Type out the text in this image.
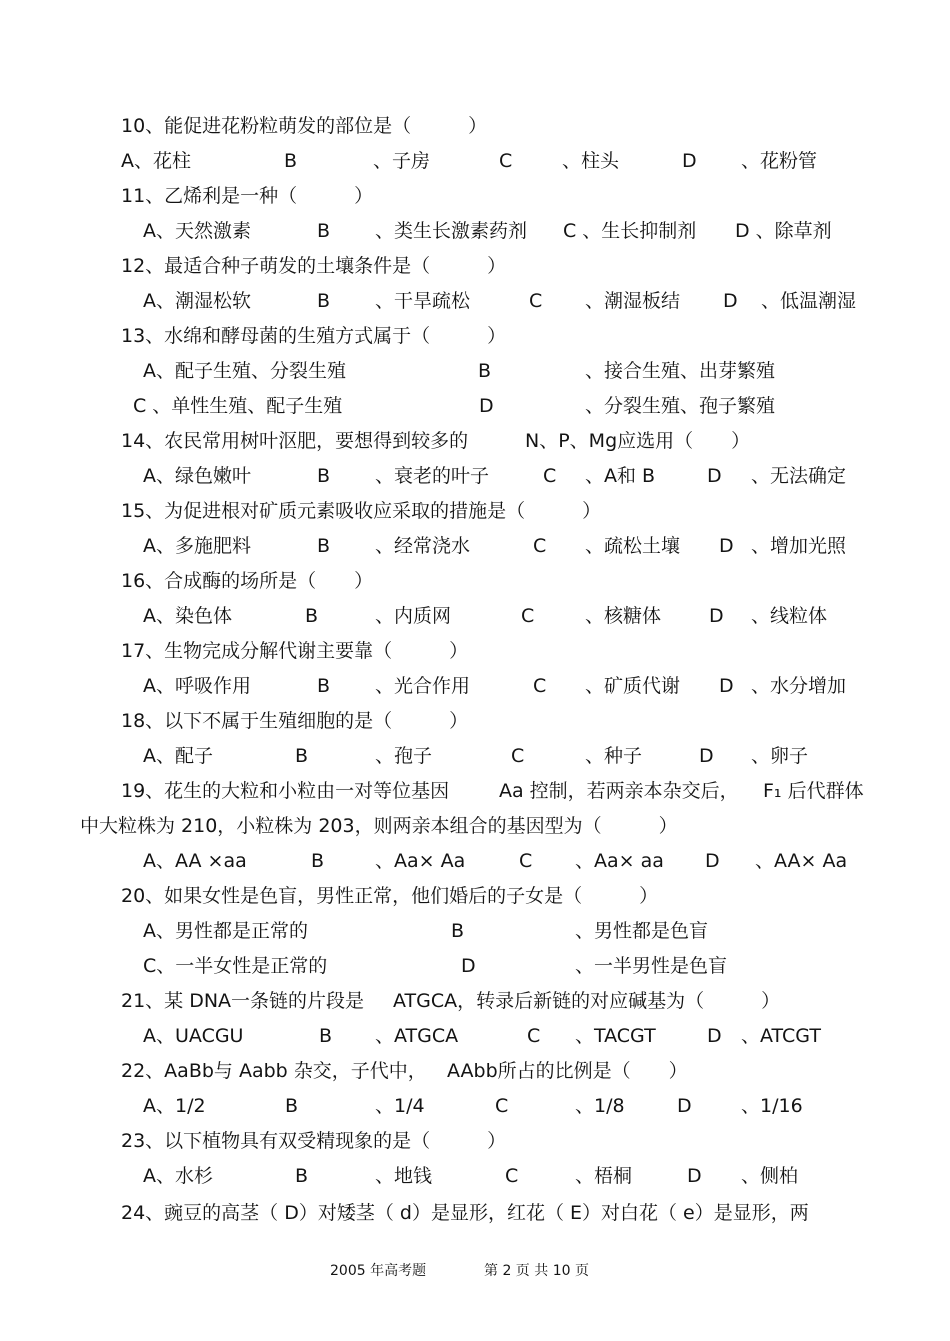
10、能促进花粉粒萌发的部位是（　　　）
A、花柱	B	、子房	C	、柱头	D 、花粉管
11、乙烯利是一种（　　　）
A、天然激素	B 、类生长激素药剂 C 、生长抑制剂 D 、除草剂
12、最适合种子萌发的土壤条件是（　　　）
A、潮湿松软	B 、干旱疏松	C 、潮湿板结 D 、低温潮湿
13、水绵和酵母菌的生殖方式属于（　　　）
A、配子生殖、分裂生殖	B	、接合生殖、出芽繁殖
C 、单性生殖、配子生殖	D	、分裂生殖、孢子繁殖
14、农民常用树叶沤肥，要想得到较多的	N、P、Mg应选用（　　）
A、绿色嫩叶	B 、衰老的叶子	C 、A和 B	D 、无法确定
15、为促进根对矿质元素吸收应采取的措施是（　　　）
A、多施肥料	B 、经常浇水	C 、疏松土壤 D 、增加光照
16、合成酶的场所是（　　）
A、染色体	B	、内质网	C	、核糖体	D 、线粒体
17、生物完成分解代谢主要靠（　　　）
A、呼吸作用	B 、光合作用	C 、矿质代谢 D 、水分增加
18、以下不属于生殖细胞的是（　　　）
A、配子	B	、孢子	C	、种子	D 、卵子
19、花生的大粒和小粒由一对等位基因	Aa 控制，若两亲本杂交后， F₁ 后代群体
中大粒株为 210，小粒株为 203，则两亲本组合的基因型为（　　　）
A、AA ×aa	B	、Aa× Aa	C 、Aa× aa D 、AA× Aa
20、如果女性是色盲，男性正常，他们婚后的子女是（　　　）
A、男性都是正常的	B	、男性都是色盲
C、一半女性是正常的	D	、一半男性是色盲
21、某 DNA一条链的片段是 ATGCA，转录后新链的对应碱基为（　　　）
A、UACGU	B 、ATGCA	C 、TACGT	D 、ATCGT
22、AaBb与 Aabb 杂交，子代中， AAbb所占的比例是（　　）
A、1/2	B	、1/4	C	、1/8	D	、1/16
23、以下植物具有双受精现象的是（　　　）
A、水杉	B	、地钱	C	、梧桐	D 、侧柏
24、豌豆的高茎（ D）对矮茎（ d）是显形，红花（ E）对白花（ e）是显形，两
2005 年高考题	第 2 页 共 10 页
